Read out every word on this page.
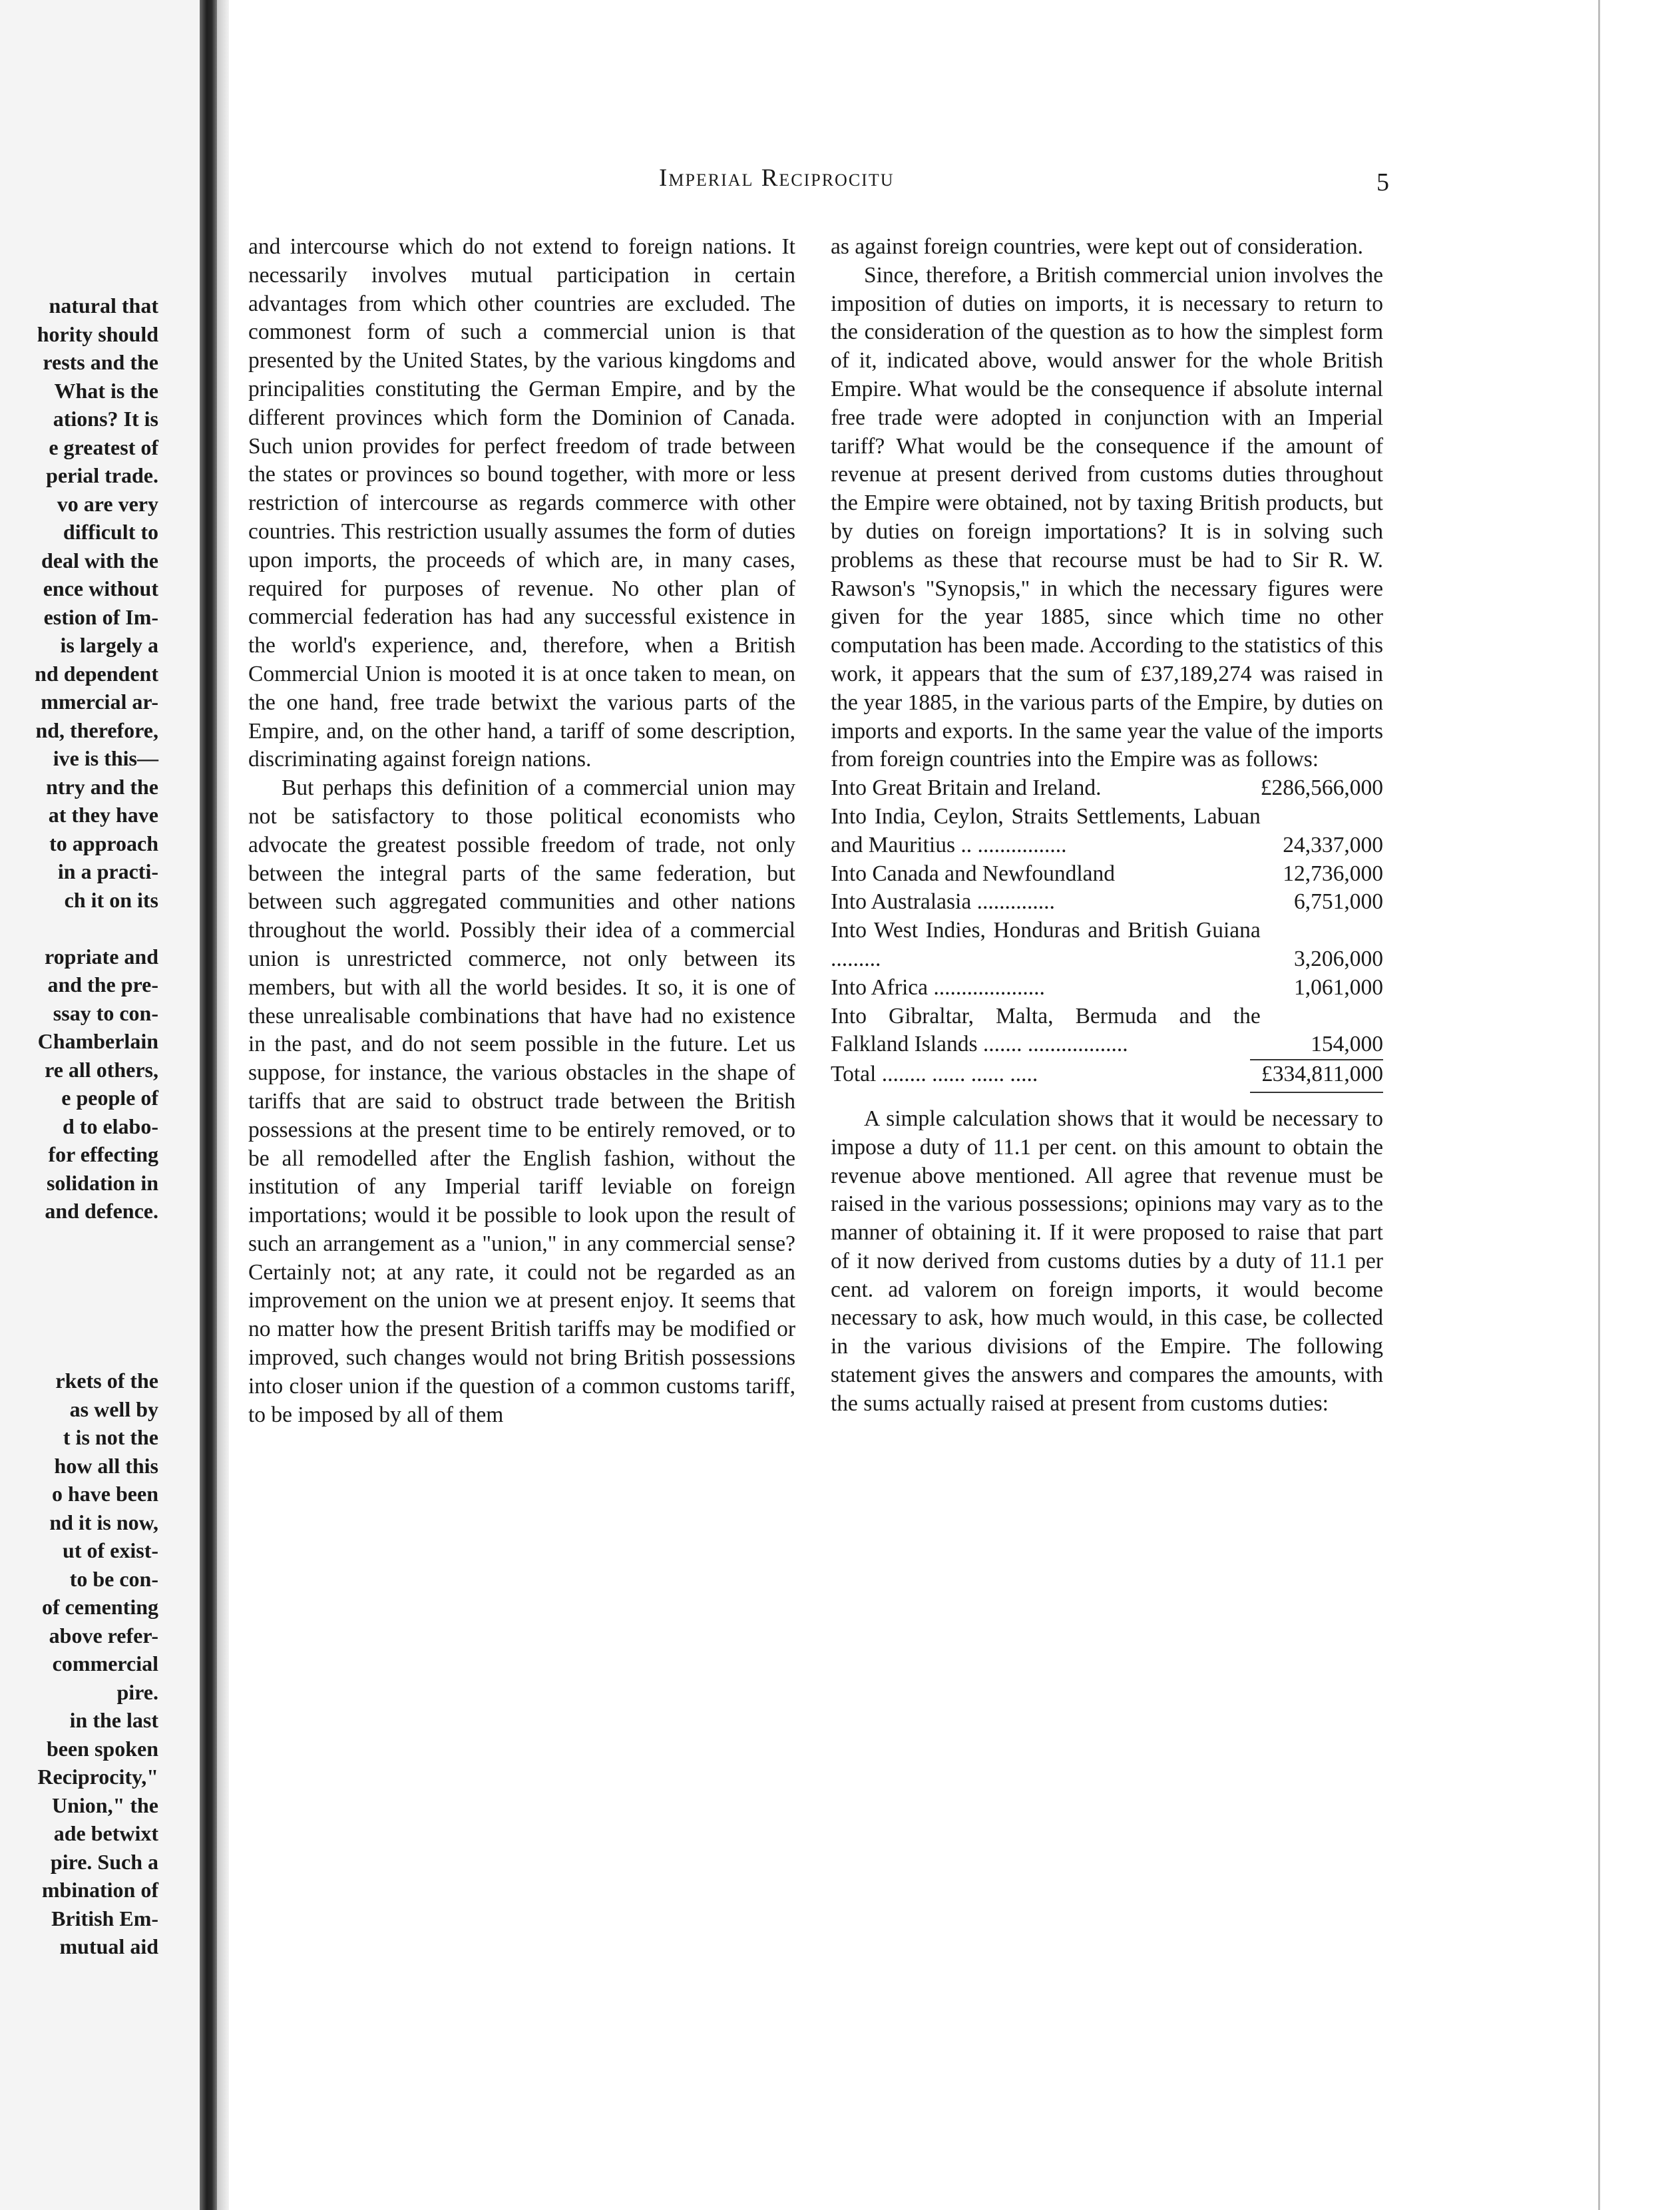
natural that
hority should
rests and the
What is the
ations? It is
e greatest of
perial trade.
vo are very
difficult to
deal with the
ence without
estion of Im-
is largely a
nd dependent
mmercial ar-
nd, therefore,
ive is this—
ntry and the
at they have
to approach
in a practi-
ch it on its
ropriate and
and the pre-
ssay to con-
Chamberlain
re all others,
e people of
d to elabo-
for effecting
solidation in
and defence.
rkets of the
as well by
t is not the
how all this
o have been
nd it is now,
ut of exist-
to be con-
of cementing
above refer-
commercial
pire.
in the last
been spoken
Reciprocity,"
Union," the
ade betwixt
pire. Such a
mbination of
British Em-
mutual aid
Imperial Reciprocitu	5

and intercourse which do not extend to foreign nations. It necessarily involves mutual participation in certain advantages from which other countries are excluded. The commonest form of such a commercial union is that presented by the United States, by the various kingdoms and principalities constituting the German Empire, and by the different provinces which form the Dominion of Canada. Such union provides for perfect freedom of trade between the states or provinces so bound together, with more or less restriction of intercourse as regards commerce with other countries. This restriction usually assumes the form of duties upon imports, the proceeds of which are, in many cases, required for purposes of revenue. No other plan of commercial federation has had any successful existence in the world's experience, and, therefore, when a British Commercial Union is mooted it is at once taken to mean, on the one hand, free trade betwixt the various parts of the Empire, and, on the other hand, a tariff of some description, discriminating against foreign nations.

But perhaps this definition of a commercial union may not be satisfactory to those political economists who advocate the greatest possible freedom of trade, not only between the integral parts of the same federation, but between such aggregated communities and other nations throughout the world. Possibly their idea of a commercial union is unrestricted commerce, not only between its members, but with all the world besides. It so, it is one of these unrealisable combinations that have had no existence in the past, and do not seem possible in the future. Let us suppose, for instance, the various obstacles in the shape of tariffs that are said to obstruct trade between the British possessions at the present time to be entirely removed, or to be all remodelled after the English fashion, without the institution of any Imperial tariff leviable on foreign importations; would it be possible to look upon the result of such an arrangement as a "union," in any commercial sense? Certainly not; at any rate, it could not be regarded as an improvement on the union we at present enjoy. It seems that no matter how the present British tariffs may be modified or improved, such changes would not bring British possessions into closer union if the question of a common customs tariff, to be imposed by all of them

as against foreign countries, were kept out of consideration.

Since, therefore, a British commercial union involves the imposition of duties on imports, it is necessary to return to the consideration of the question as to how the simplest form of it, indicated above, would answer for the whole British Empire. What would be the consequence if absolute internal free trade were adopted in conjunction with an Imperial tariff? What would be the consequence if the amount of revenue at present derived from customs duties throughout the Empire were obtained, not by taxing British products, but by duties on foreign importations? It is in solving such problems as these that recourse must be had to Sir R. W. Rawson's "Synopsis," in which the necessary figures were given for the year 1885, since which time no other computation has been made. According to the statistics of this work, it appears that the sum of £37,189,274 was raised in the year 1885, in the various parts of the Empire, by duties on imports and exports. In the same year the value of the imports from foreign countries into the Empire was as follows:

Into Great Britain and Ireland.	£286,566,000
Into India, Ceylon, Straits Settlements, Labuan and Mauritius .. ................	24,337,000
Into Canada and Newfoundland	12,736,000
Into Australasia ..............	6,751,000
Into West Indies, Honduras and British Guiana .........	3,206,000
Into Africa ....................	1,061,000
Into Gibraltar, Malta, Bermuda and the Falkland Islands ....... ..................	154,000
Total ........ ...... ...... .....	£334,811,000

A simple calculation shows that it would be necessary to impose a duty of 11.1 per cent. on this amount to obtain the revenue above mentioned. All agree that revenue must be raised in the various possessions; opinions may vary as to the manner of obtaining it. If it were proposed to raise that part of it now derived from customs duties by a duty of 11.1 per cent. ad valorem on foreign imports, it would become necessary to ask, how much would, in this case, be collected in the various divisions of the Empire. The following statement gives the answers and compares the amounts, with the sums actually raised at present from customs duties:
